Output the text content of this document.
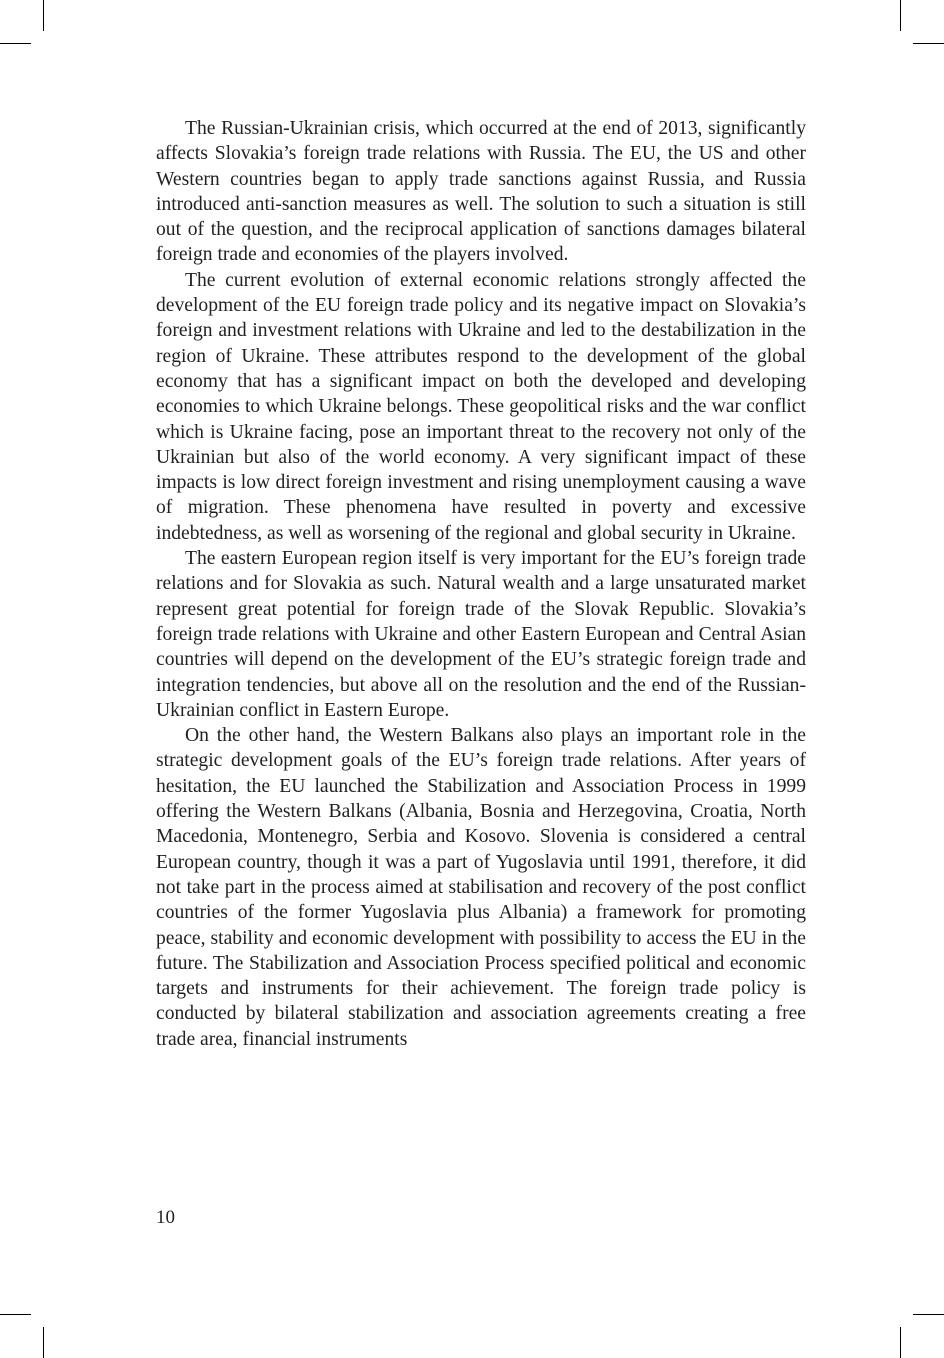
The Russian-Ukrainian crisis, which occurred at the end of 2013, significantly affects Slovakia’s foreign trade relations with Russia. The EU, the US and other Western countries began to apply trade sanctions against Russia, and Russia introduced anti-sanction measures as well. The solution to such a situation is still out of the question, and the reciprocal application of sanctions damages bilateral foreign trade and economies of the players involved.

The current evolution of external economic relations strongly affected the development of the EU foreign trade policy and its negative impact on Slovakia’s foreign and investment relations with Ukraine and led to the destabilization in the region of Ukraine. These attributes respond to the development of the global economy that has a significant impact on both the developed and developing economies to which Ukraine belongs. These geopolitical risks and the war conflict which is Ukraine facing, pose an important threat to the recovery not only of the Ukrainian but also of the world economy. A very significant impact of these impacts is low direct foreign investment and rising unemployment causing a wave of migration. These phenomena have resulted in poverty and excessive indebtedness, as well as worsening of the regional and global security in Ukraine.

The eastern European region itself is very important for the EU’s foreign trade relations and for Slovakia as such. Natural wealth and a large unsaturated market represent great potential for foreign trade of the Slovak Republic. Slovakia’s foreign trade relations with Ukraine and other Eastern European and Central Asian countries will depend on the development of the EU’s strategic foreign trade and integration tendencies, but above all on the resolution and the end of the Russian-Ukrainian conflict in Eastern Europe.

On the other hand, the Western Balkans also plays an important role in the strategic development goals of the EU’s foreign trade relations. After years of hesitation, the EU launched the Stabilization and Association Process in 1999 offering the Western Balkans (Albania, Bosnia and Herzegovina, Croatia, North Macedonia, Montenegro, Serbia and Kosovo. Slovenia is considered a central European country, though it was a part of Yugoslavia until 1991, therefore, it did not take part in the process aimed at stabilisation and recovery of the post conflict countries of the former Yugoslavia plus Albania) a framework for promoting peace, stability and economic development with possibility to access the EU in the future. The Stabilization and Association Process specified political and economic targets and instruments for their achievement. The foreign trade policy is conducted by bilateral stabilization and association agreements creating a free trade area, financial instruments

10
